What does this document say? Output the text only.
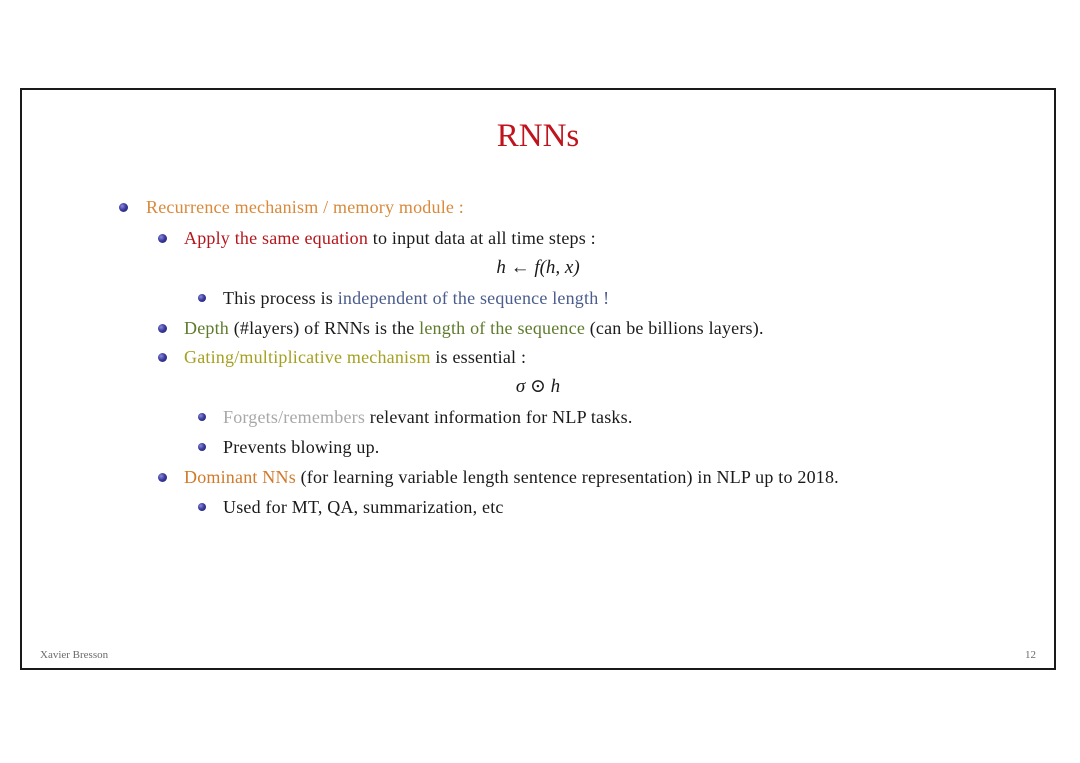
RNNs
Recurrence mechanism / memory module :
Apply the same equation to input data at all time steps :
h ← f(h, x)
This process is independent of the sequence length !
Depth (#layers) of RNNs is the length of the sequence (can be billions layers).
Gating/multiplicative mechanism is essential :
σ ⊙ h
Forgets/remembers relevant information for NLP tasks.
Prevents blowing up.
Dominant NNs (for learning variable length sentence representation) in NLP up to 2018.
Used for MT, QA, summarization, etc
Xavier Bresson	12
